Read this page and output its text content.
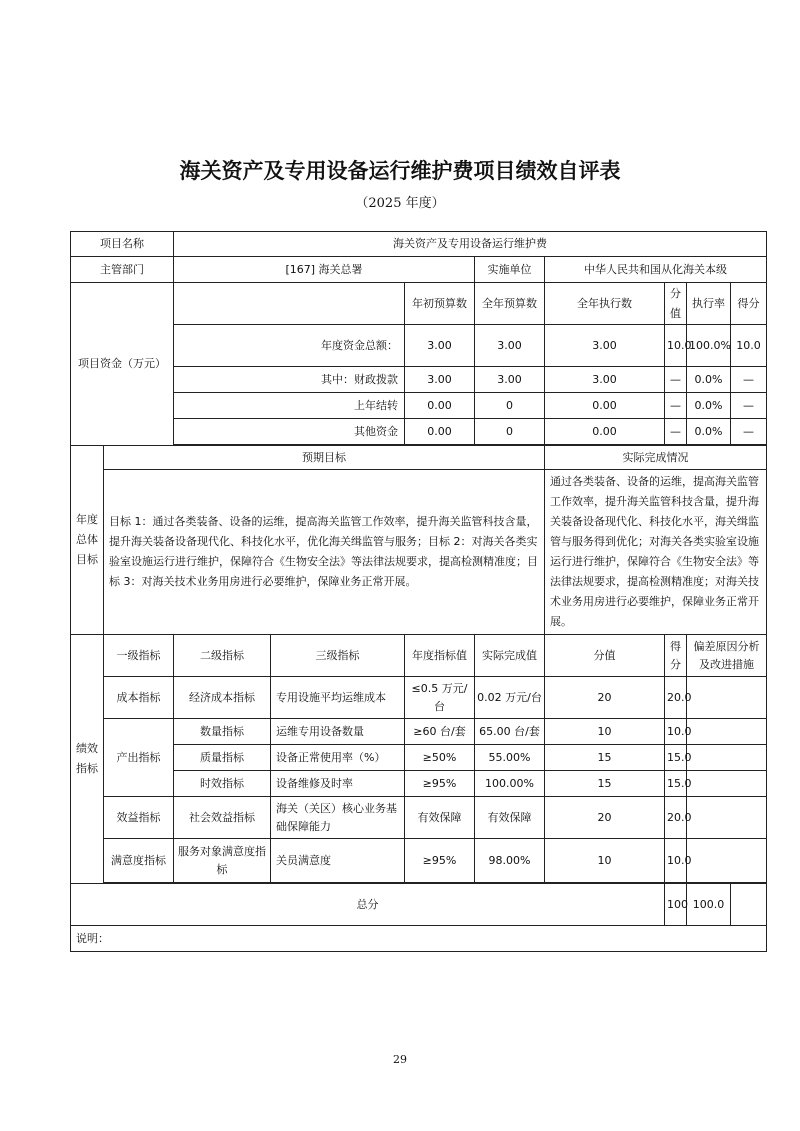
海关资产及专用设备运行维护费项目绩效自评表
（2025 年度）
项目名称		海关资产及专用设备运行维护费							
主管部门		[167] 海关总署			实施单位	中华人民共和国从化海关本级			
项目资金（万元）				年初预算数	全年预算数	全年执行数	分值	执行率	得分
		年度资金总额：		3.00	3.00	3.00	10.0	100.0%	10.0
		其中：财政拨款		3.00	3.00	3.00	—	0.0%	—
		上年结转		0.00	0	0.00	—	0.0%	—
		其他资金		0.00	0	0.00	—	0.0%	—

年度总体目标	预期目标					实际完成情况			
	目标 1：通过各类装备、设备的运维，提高海关监管工作效率，提升海关监管科技含量，提升海关装备设备现代化、科技化水平，优化海关缉监管与服务；目标 2：对海关各类实验室设施运行进行维护，保障符合《生物安全法》等法律法规要求，提高检测精准度；目标 3：对海关技术业务用房进行必要维护，保障业务正常开展。					通过各类装备、设备的运维，提高海关监管工作效率，提升海关监管科技含量，提升海关装备设备现代化、科技化水平，海关缉监管与服务得到优化；对海关各类实验室设施运行进行维护，保障符合《生物安全法》等法律法规要求，提高检测精准度；对海关技术业务用房进行必要维护，保障业务正常开展。			
绩效指标	一级指标	二级指标	三级指标	年度指标值	实际完成值	分值	得分	偏差原因分析及改进措施	
	成本指标	经济成本指标	专用设施平均运维成本	≤0.5 万元/台	0.02 万元/台	20	20.0		
	产出指标	数量指标	运维专用设备数量	≥60 台/套	65.00 台/套	10	10.0		
		质量指标	设备正常使用率（%）	≥50%	55.00%	15	15.0		
		时效指标	设备维修及时率	≥95%	100.00%	15	15.0		
	效益指标	社会效益指标	海关（关区）核心业务基础保障能力	有效保障	有效保障	20	20.0		
	满意度指标	服务对象满意度指标	关员满意度	≥95%	98.00%	10	10.0		

总分							100	100.0	
说明：									
29
